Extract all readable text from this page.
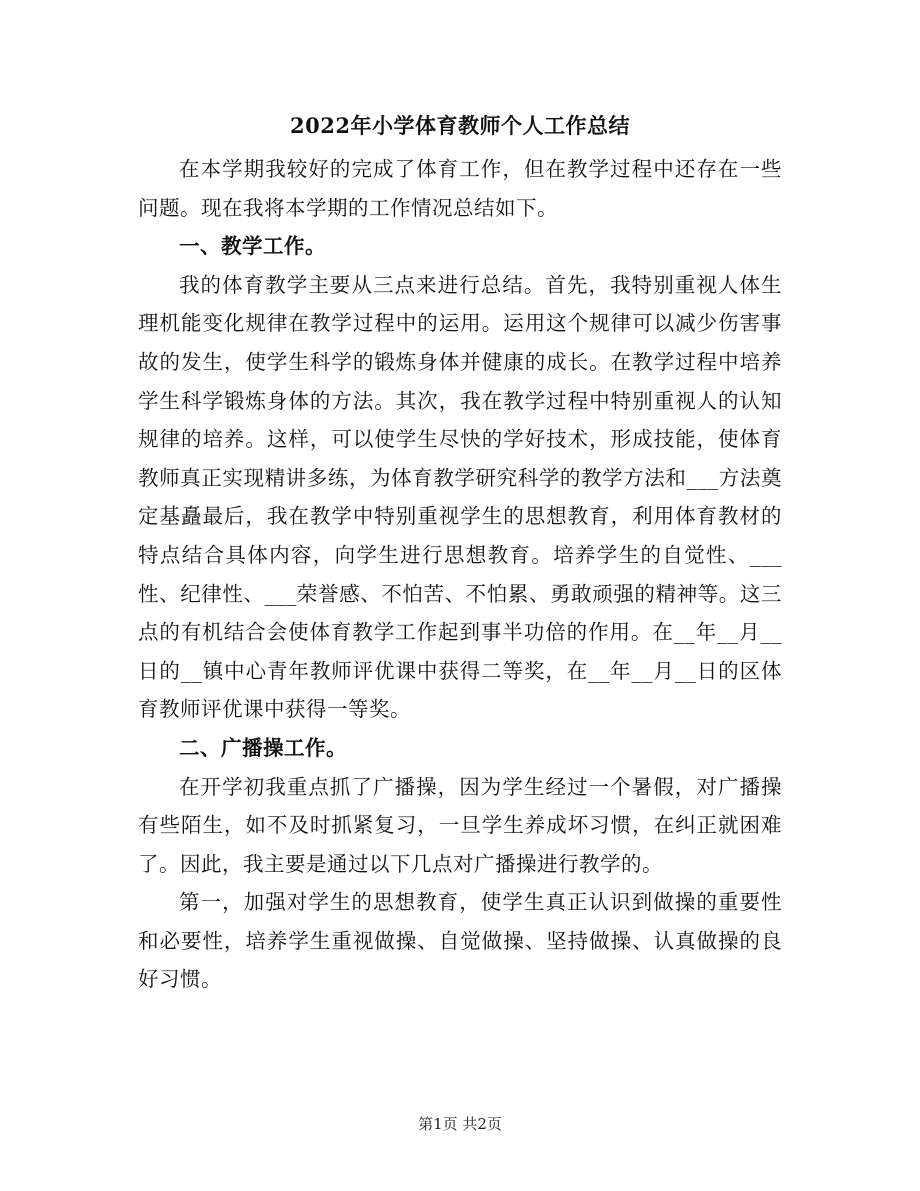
2022年小学体育教师个人工作总结

在本学期我较好的完成了体育工作，但在教学过程中还存在一些问题。现在我将本学期的工作情况总结如下。

一、教学工作。

我的体育教学主要从三点来进行总结。首先，我特别重视人体生理机能变化规律在教学过程中的运用。运用这个规律可以减少伤害事故的发生，使学生科学的锻炼身体并健康的成长。在教学过程中培养学生科学锻炼身体的方法。其次，我在教学过程中特别重视人的认知规律的培养。这样，可以使学生尽快的学好技术，形成技能，使体育教师真正实现精讲多练，为体育教学研究科学的教学方法和___方法奠定基矗最后，我在教学中特别重视学生的思想教育，利用体育教材的特点结合具体内容，向学生进行思想教育。培养学生的自觉性、___性、纪律性、___荣誉感、不怕苦、不怕累、勇敢顽强的精神等。这三点的有机结合会使体育教学工作起到事半功倍的作用。在__年__月__日的__镇中心青年教师评优课中获得二等奖，在__年__月__日的区体育教师评优课中获得一等奖。

二、广播操工作。

在开学初我重点抓了广播操，因为学生经过一个暑假，对广播操有些陌生，如不及时抓紧复习，一旦学生养成坏习惯，在纠正就困难了。因此，我主要是通过以下几点对广播操进行教学的。

第一，加强对学生的思想教育，使学生真正认识到做操的重要性和必要性，培养学生重视做操、自觉做操、坚持做操、认真做操的良好习惯。

第1页 共2页
